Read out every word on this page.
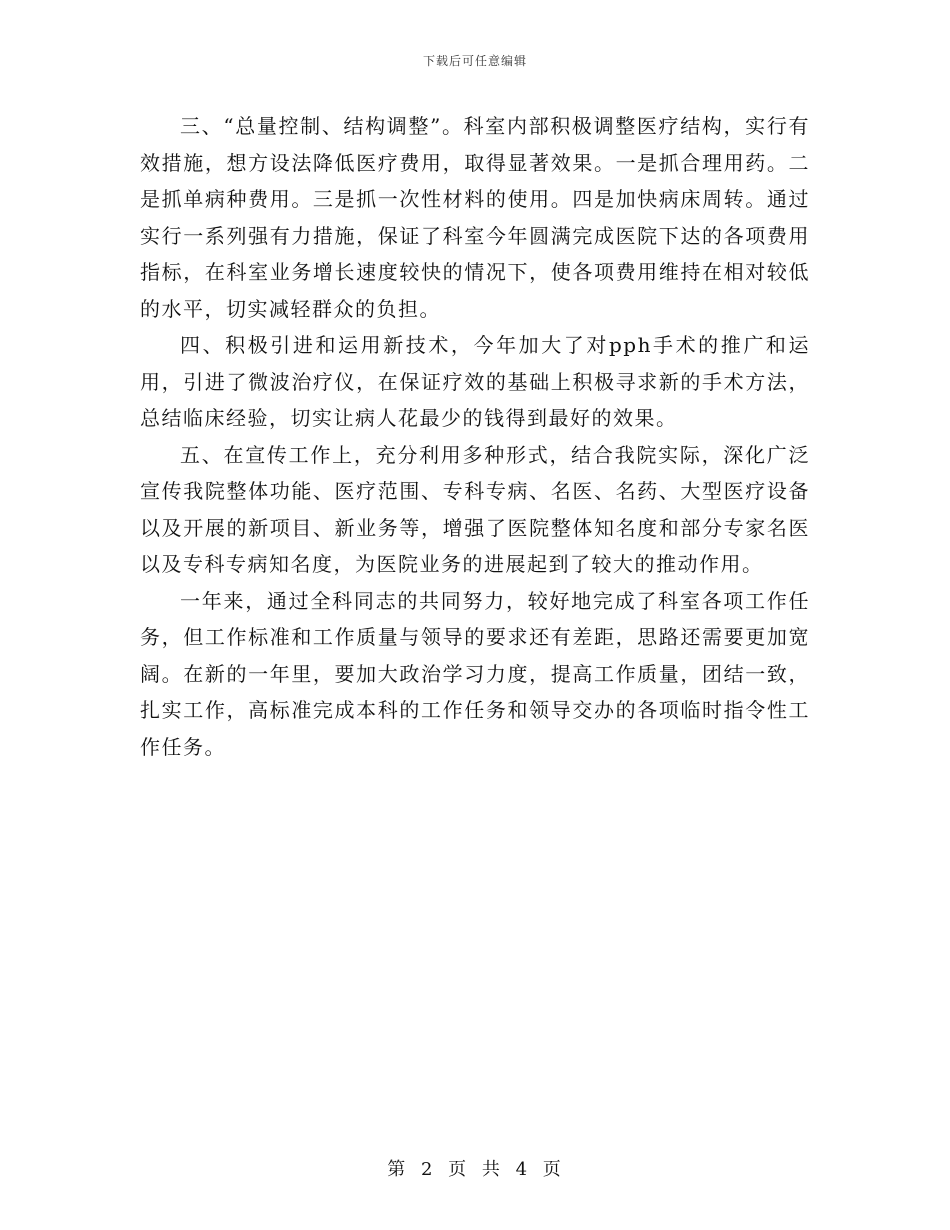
下载后可任意编辑

三、“总量控制、结构调整”。科室内部积极调整医疗结构，实行有效措施，想方设法降低医疗费用，取得显著效果。一是抓合理用药。二是抓单病种费用。三是抓一次性材料的使用。四是加快病床周转。通过实行一系列强有力措施，保证了科室今年圆满完成医院下达的各项费用指标，在科室业务增长速度较快的情况下，使各项费用维持在相对较低的水平，切实减轻群众的负担。

四、积极引进和运用新技术，今年加大了对pph手术的推广和运用，引进了微波治疗仪，在保证疗效的基础上积极寻求新的手术方法，总结临床经验，切实让病人花最少的钱得到最好的效果。

五、在宣传工作上，充分利用多种形式，结合我院实际，深化广泛宣传我院整体功能、医疗范围、专科专病、名医、名药、大型医疗设备以及开展的新项目、新业务等，增强了医院整体知名度和部分专家名医以及专科专病知名度，为医院业务的进展起到了较大的推动作用。

一年来，通过全科同志的共同努力，较好地完成了科室各项工作任务，但工作标准和工作质量与领导的要求还有差距，思路还需要更加宽阔。在新的一年里，要加大政治学习力度，提高工作质量，团结一致，扎实工作，高标准完成本科的工作任务和领导交办的各项临时指令性工作任务。

第 2 页 共 4 页
